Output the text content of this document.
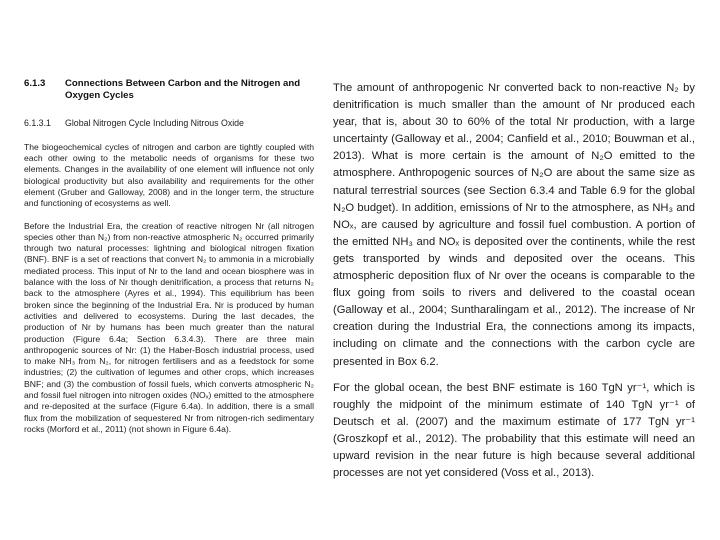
6.1.3	Connections Between Carbon and the Nitrogen and Oxygen Cycles
6.1.3.1	Global Nitrogen Cycle Including Nitrous Oxide

The biogeochemical cycles of nitrogen and carbon are tightly coupled with each other owing to the metabolic needs of organisms for these two elements. Changes in the availability of one element will influence not only biological productivity but also availability and requirements for the other element (Gruber and Galloway, 2008) and in the longer term, the structure and functioning of ecosystems as well.

Before the Industrial Era, the creation of reactive nitrogen Nr (all nitrogen species other than N₂) from non-reactive atmospheric N₂ occurred primarily through two natural processes: lightning and biological nitrogen fixation (BNF). BNF is a set of reactions that convert N₂ to ammonia in a microbially mediated process. This input of Nr to the land and ocean biosphere was in balance with the loss of Nr though denitrification, a process that returns N₂ back to the atmosphere (Ayres et al., 1994). This equilibrium has been broken since the beginning of the Industrial Era. Nr is produced by human activities and delivered to ecosystems. During the last decades, the production of Nr by humans has been much greater than the natural production (Figure 6.4a; Section 6.3.4.3). There are three main anthropogenic sources of Nr: (1) the Haber-Bosch industrial process, used to make NH₃ from N₂, for nitrogen fertilisers and as a feedstock for some industries; (2) the cultivation of legumes and other crops, which increases BNF; and (3) the combustion of fossil fuels, which converts atmospheric N₂ and fossil fuel nitrogen into nitrogen oxides (NOₓ) emitted to the atmosphere and re-deposited at the surface (Figure 6.4a). In addition, there is a small flux from the mobilization of sequestered Nr from nitrogen-rich sedimentary rocks (Morford et al., 2011) (not shown in Figure 6.4a).

The amount of anthropogenic Nr converted back to non-reactive N₂ by denitrification is much smaller than the amount of Nr produced each year, that is, about 30 to 60% of the total Nr production, with a large uncertainty (Galloway et al., 2004; Canfield et al., 2010; Bouwman et al., 2013). What is more certain is the amount of N₂O emitted to the atmosphere. Anthropogenic sources of N₂O are about the same size as natural terrestrial sources (see Section 6.3.4 and Table 6.9 for the global N₂O budget). In addition, emissions of Nr to the atmosphere, as NH₃ and NOₓ, are caused by agriculture and fossil fuel combustion. A portion of the emitted NH₃ and NOₓ is deposited over the continents, while the rest gets transported by winds and deposited over the oceans. This atmospheric deposition flux of Nr over the oceans is comparable to the flux going from soils to rivers and delivered to the coastal ocean (Galloway et al., 2004; Suntharalingam et al., 2012). The increase of Nr creation during the Industrial Era, the connections among its impacts, including on climate and the connections with the carbon cycle are presented in Box 6.2.

For the global ocean, the best BNF estimate is 160 TgN yr⁻¹, which is roughly the midpoint of the minimum estimate of 140 TgN yr⁻¹ of Deutsch et al. (2007) and the maximum estimate of 177 TgN yr⁻¹ (Groszkopf et al., 2012). The probability that this estimate will need an upward revision in the near future is high because several additional processes are not yet considered (Voss et al., 2013).
